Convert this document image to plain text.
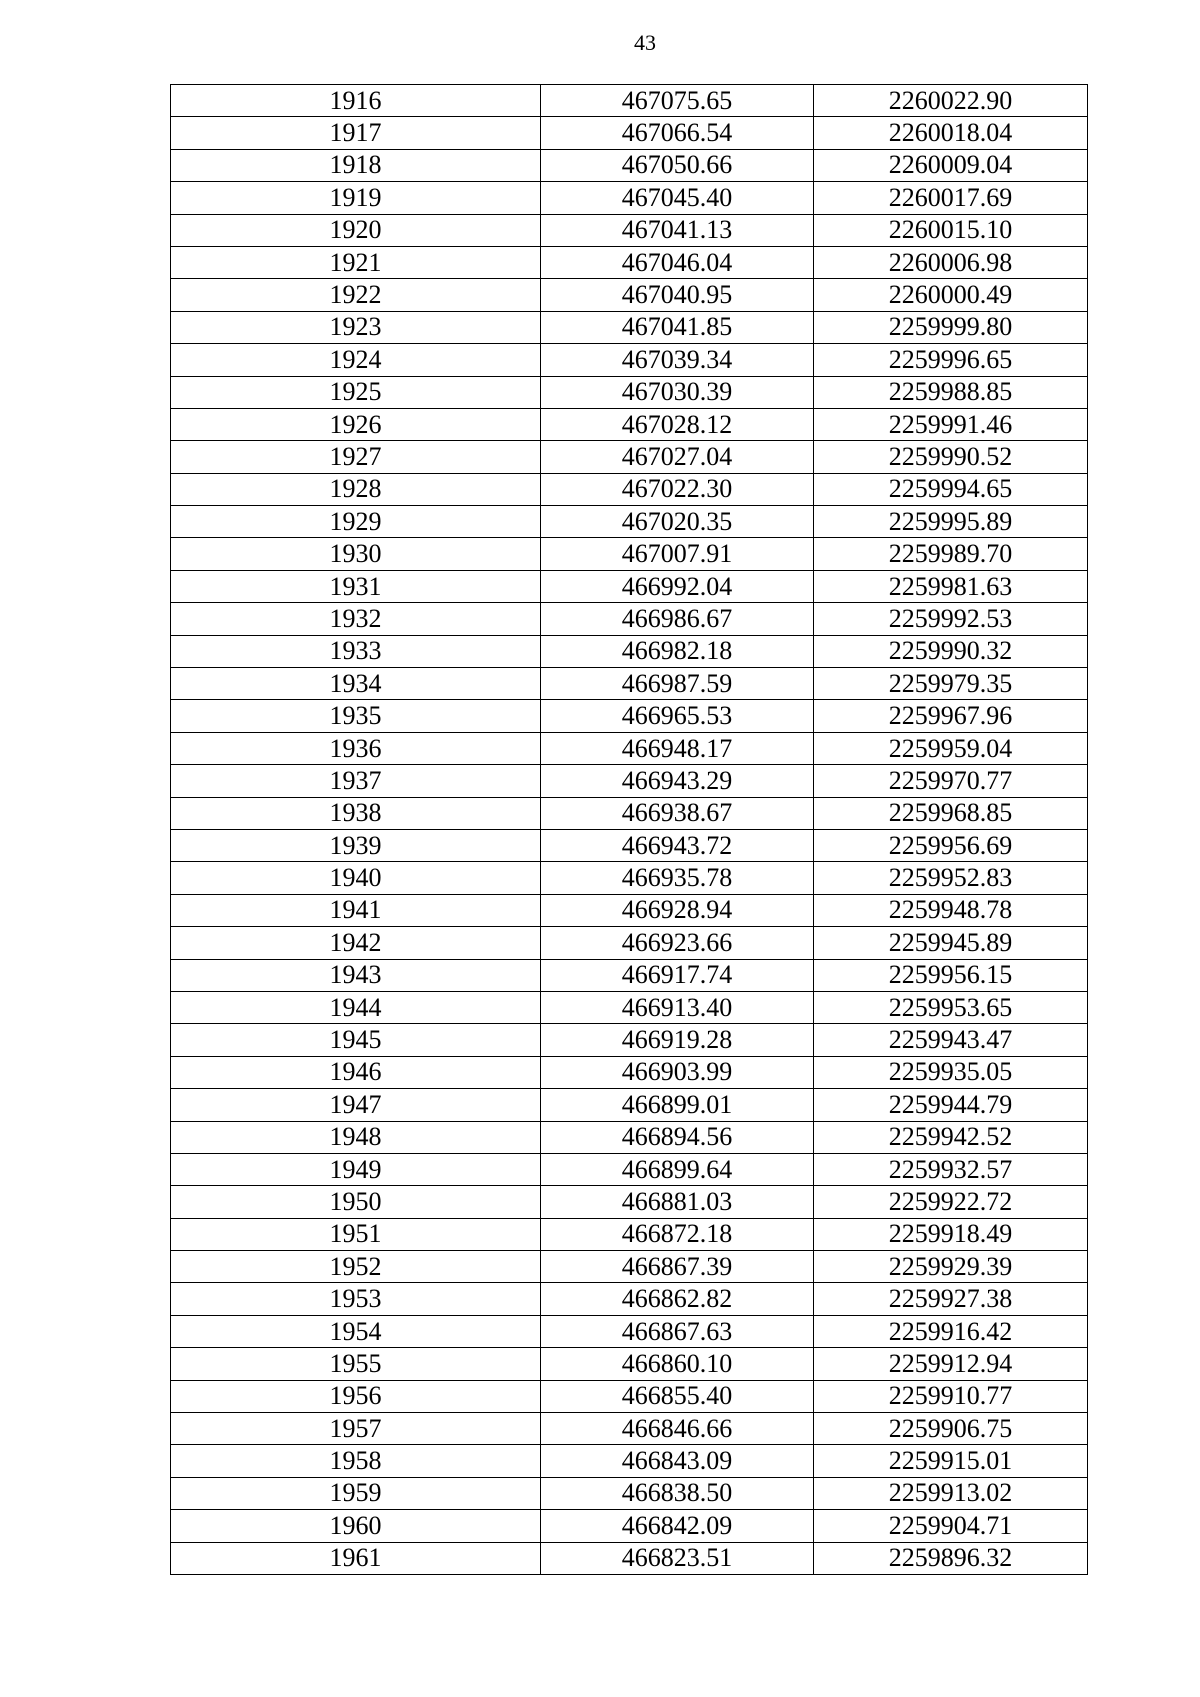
43
1916	467075.65	2260022.90
1917	467066.54	2260018.04
1918	467050.66	2260009.04
1919	467045.40	2260017.69
1920	467041.13	2260015.10
1921	467046.04	2260006.98
1922	467040.95	2260000.49
1923	467041.85	2259999.80
1924	467039.34	2259996.65
1925	467030.39	2259988.85
1926	467028.12	2259991.46
1927	467027.04	2259990.52
1928	467022.30	2259994.65
1929	467020.35	2259995.89
1930	467007.91	2259989.70
1931	466992.04	2259981.63
1932	466986.67	2259992.53
1933	466982.18	2259990.32
1934	466987.59	2259979.35
1935	466965.53	2259967.96
1936	466948.17	2259959.04
1937	466943.29	2259970.77
1938	466938.67	2259968.85
1939	466943.72	2259956.69
1940	466935.78	2259952.83
1941	466928.94	2259948.78
1942	466923.66	2259945.89
1943	466917.74	2259956.15
1944	466913.40	2259953.65
1945	466919.28	2259943.47
1946	466903.99	2259935.05
1947	466899.01	2259944.79
1948	466894.56	2259942.52
1949	466899.64	2259932.57
1950	466881.03	2259922.72
1951	466872.18	2259918.49
1952	466867.39	2259929.39
1953	466862.82	2259927.38
1954	466867.63	2259916.42
1955	466860.10	2259912.94
1956	466855.40	2259910.77
1957	466846.66	2259906.75
1958	466843.09	2259915.01
1959	466838.50	2259913.02
1960	466842.09	2259904.71
1961	466823.51	2259896.32
